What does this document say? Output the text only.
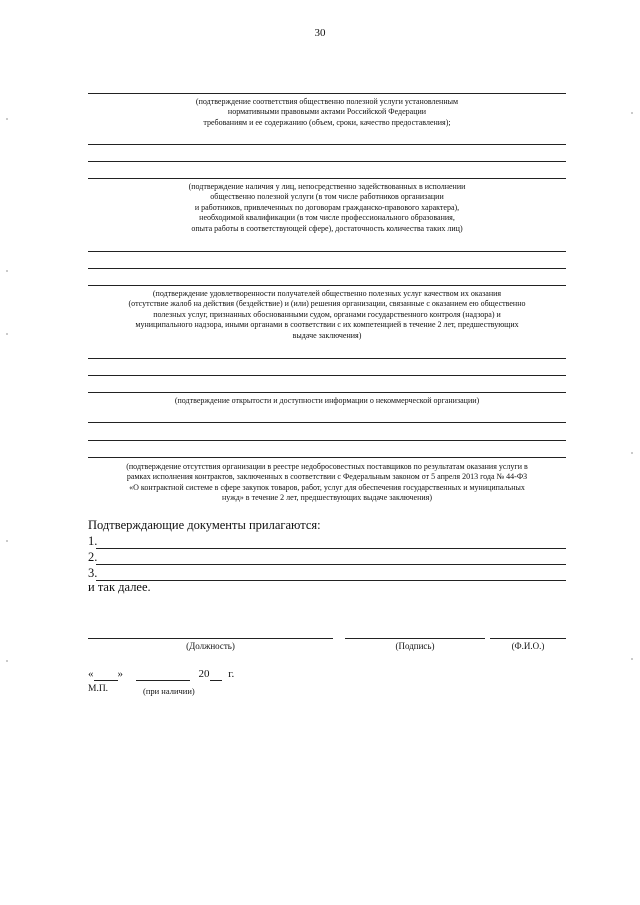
30
(подтверждение соответствия общественно полезной услуги установленным
нормативными правовыми актами Российской Федерации
требованиям и ее содержанию (объем, сроки, качество предоставления);
(подтверждение наличия у лиц, непосредственно задействованных в исполнении
общественно полезной услуги (в том числе работников организации
и работников, привлеченных по договорам гражданско-правового характера),
необходимой квалификации (в том числе профессионального образования,
опыта работы в соответствующей сфере), достаточность количества таких лиц)
(подтверждение удовлетворенности получателей общественно полезных услуг качеством их оказания
(отсутствие жалоб на действия (бездействие) и (или) решения организации, связанные с оказанием ею общественно
полезных услуг, признанных обоснованными судом, органами государственного контроля (надзора) и
муниципального надзора, иными органами в соответствии с их компетенцией в течение 2 лет, предшествующих
выдаче заключения)
(подтверждение открытости и доступности информации о некоммерческой организации)
(подтверждение отсутствия организации в реестре недобросовестных поставщиков по результатам оказания услуги в
рамках исполнения контрактов, заключенных в соответствии с Федеральным законом от 5 апреля 2013 года № 44-ФЗ
«О контрактной системе в сфере закупок товаров, работ, услуг для обеспечения государственных и муниципальных
нужд» в течение 2 лет, предшествующих выдаче заключения)
Подтверждающие документы прилагаются:
1.
2.
3.
и так далее.
(Должность)	(Подпись)	(Ф.И.О.)
« »	20 г.
М.П.	(при наличии)
